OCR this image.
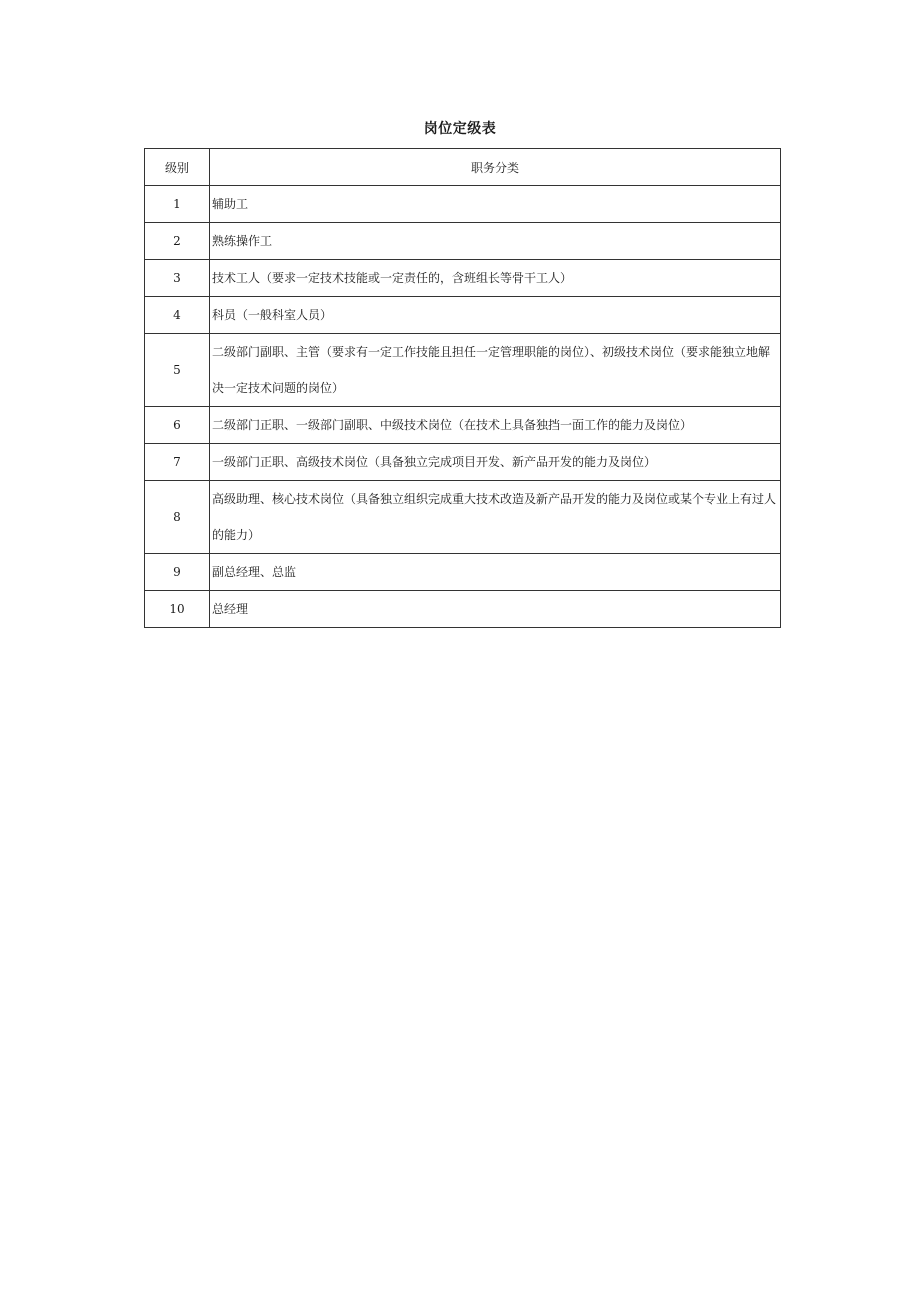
岗位定级表
级别	职务分类
1	辅助工
2	熟练操作工
3	技术工人（要求一定技术技能或一定责任的，含班组长等骨干工人）
4	科员（一般科室人员）
5	二级部门副职、主管（要求有一定工作技能且担任一定管理职能的岗位）、初级技术岗位（要求能独立地解决一定技术问题的岗位）
6	二级部门正职、一级部门副职、中级技术岗位（在技术上具备独挡一面工作的能力及岗位）
7	一级部门正职、高级技术岗位（具备独立完成项目开发、新产品开发的能力及岗位）
8	高级助理、核心技术岗位（具备独立组织完成重大技术改造及新产品开发的能力及岗位或某个专业上有过人的能力）
9	副总经理、总监
10	总经理
